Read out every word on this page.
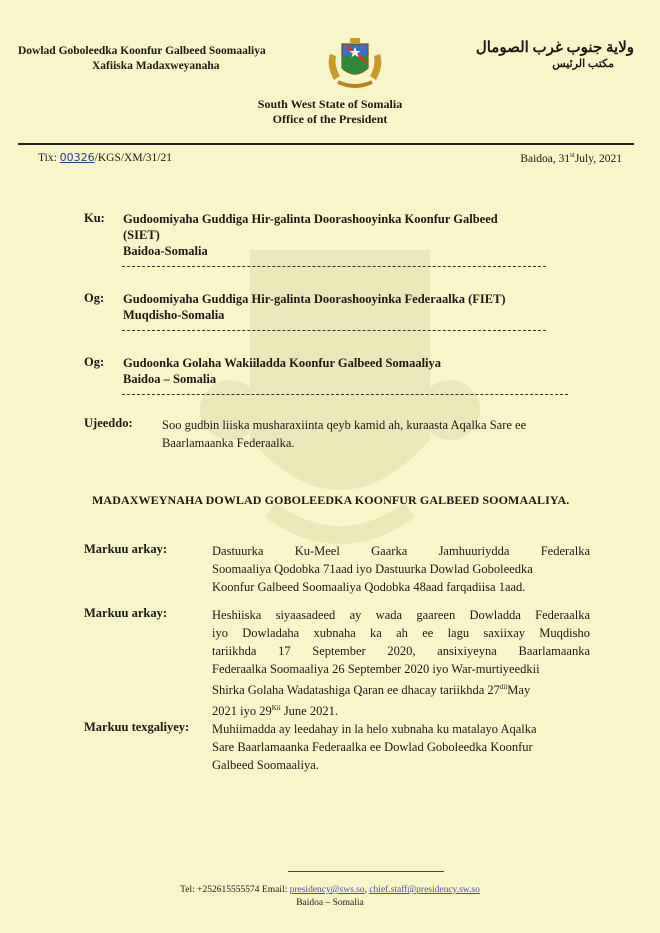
Dowlad Goboleedka Koonfur Galbeed Soomaaliya
Xafiiska Madaxweyanaha
ولاية جنوب غرب الصومال
مكتب الرئيس
South West State of Somalia
Office of the President
Tix: 00326/KGS/XM/31/21	Baidoa, 31stJuly, 2021
Ku: Gudoomiyaha Guddiga Hir-galinta Doorashooyinka Koonfur Galbeed
(SIET)
Baidoa-Somalia
Og: Gudoomiyaha Guddiga Hir-galinta Doorashooyinka Federaalka (FIET)
Muqdisho-Somalia
Og: Gudoonka Golaha Wakiiladda Koonfur Galbeed Somaaliya
Baidoa – Somalia
Ujeeddo: Soo gudbin liiska musharaxiinta qeyb kamid ah, kuraasta Aqalka Sare ee
Baarlamaanka Federaalka.
MADAXWEYNAHA DOWLAD GOBOLEEDKA KOONFUR GALBEED SOOMAALIYA.
Markuu arkay:	Dastuurka Ku-Meel Gaarka Jamhuuriydda Federalka
Soomaaliya Qodobka 71aad iyo Dastuurka Dowlad Goboleedka
Koonfur Galbeed Soomaaliya Qodobka 48aad farqadiisa 1aad.
Markuu arkay:	Heshiiska siyaasadeed ay wada gaareen Dowladda Federaalka
iyo Dowladaha xubnaha ka ah ee lagu saxiixay Muqdisho
tariikhda 17 September 2020, ansixiyeyna Baarlamaanka
Federaalka Soomaaliya 26 September 2020 iyo War-murtiyeedkii
Shirka Golaha Wadatashiga Qaran ee dhacay tariikhda $27^{dii}May$
2021 iyo $29^{Kii}$ June 2021.
Markuu texgaliyey: Muhiimadda ay leedahay in la helo xubnaha ku matalayo Aqalka
Sare Baarlamaanka Federaalka ee Dowlad Goboleedka Koonfur
Galbeed Soomaaliya.
Tel: +252615555574 Email: presidency@sws.so, chief.staff@presidency.sw.so
Baidoa – Somalia
